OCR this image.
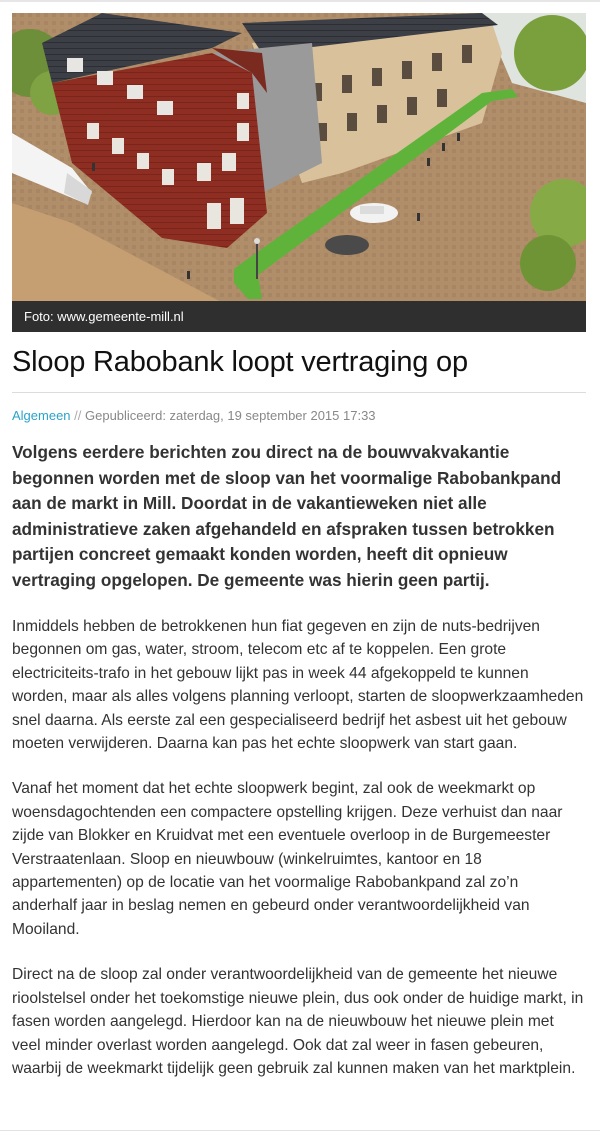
Foto: www.gemeente-mill.nl
Sloop Rabobank loopt vertraging op
Algemeen // Gepubliceerd: zaterdag, 19 september 2015 17:33

Volgens eerdere berichten zou direct na de bouwvakvakantie begonnen worden met de sloop van het voormalige Rabobankpand aan de markt in Mill. Doordat in de vakantieweken niet alle administratieve zaken afgehandeld en afspraken tussen betrokken partijen concreet gemaakt konden worden, heeft dit opnieuw vertraging opgelopen. De gemeente was hierin geen partij.

Inmiddels hebben de betrokkenen hun fiat gegeven en zijn de nuts-bedrijven begonnen om gas, water, stroom, telecom etc af te koppelen. Een grote electriciteits-trafo in het gebouw lijkt pas in week 44 afgekoppeld te kunnen worden, maar als alles volgens planning verloopt, starten de sloopwerkzaamheden snel daarna. Als eerste zal een gespecialiseerd bedrijf het asbest uit het gebouw moeten verwijderen. Daarna kan pas het echte sloopwerk van start gaan.

Vanaf het moment dat het echte sloopwerk begint, zal ook de weekmarkt op woensdagochtenden een compactere opstelling krijgen. Deze verhuist dan naar zijde van Blokker en Kruidvat met een eventuele overloop in de Burgemeester Verstraatenlaan. Sloop en nieuwbouw (winkelruimtes, kantoor en 18 appartementen) op de locatie van het voormalige Rabobankpand zal zo’n anderhalf jaar in beslag nemen en gebeurd onder verantwoordelijkheid van Mooiland.

Direct na de sloop zal onder verantwoordelijkheid van de gemeente het nieuwe rioolstelsel onder het toekomstige nieuwe plein, dus ook onder de huidige markt, in fasen worden aangelegd. Hierdoor kan na de nieuwbouw het nieuwe plein met veel minder overlast worden aangelegd. Ook dat zal weer in fasen gebeuren, waarbij de weekmarkt tijdelijk geen gebruik zal kunnen maken van het marktplein.
